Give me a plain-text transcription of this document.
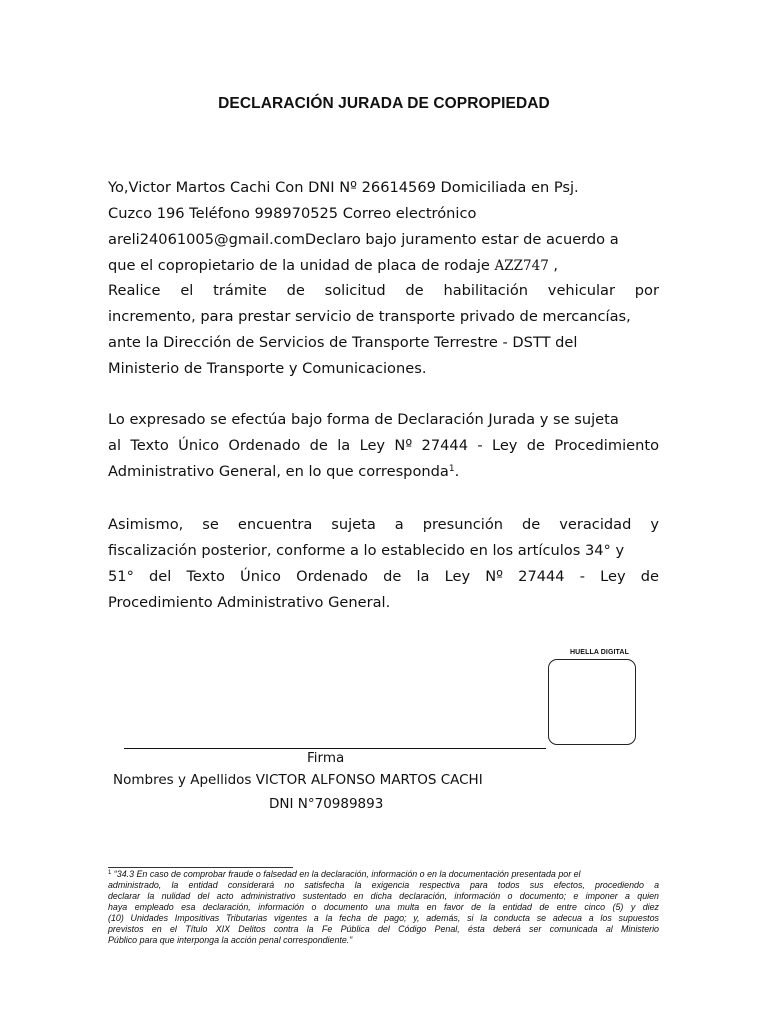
DECLARACIÓN JURADA DE COPROPIEDAD
Yo,Victor Martos Cachi Con DNI Nº 26614569 Domiciliada en Psj.
Cuzco 196 Teléfono 998970525 Correo electrónico
areli24061005@gmail.comDeclaro bajo juramento estar de acuerdo a
que el copropietario de la unidad de placa de rodaje AZZ747 ,
Realice el trámite de solicitud de habilitación vehicular por
incremento, para prestar servicio de transporte privado de mercancías,
ante la Dirección de Servicios de Transporte Terrestre - DSTT del
Ministerio de Transporte y Comunicaciones.
Lo expresado se efectúa bajo forma de Declaración Jurada y se sujeta
al Texto Único Ordenado de la Ley Nº 27444 - Ley de Procedimiento
Administrativo General, en lo que corresponda$^1$.
Asimismo, se encuentra sujeta a presunción de veracidad y
fiscalización posterior, conforme a lo establecido en los artículos 34° y
51° del Texto Único Ordenado de la Ley Nº 27444 - Ley de
Procedimiento Administrativo General.
HUELLA DIGITAL
Firma
Nombres y Apellidos VICTOR ALFONSO MARTOS CACHI
DNI N°70989893
$^1$ “34.3 En caso de comprobar fraude o falsedad en la declaración, información o en la documentación presentada por el
administrado, la entidad considerará no satisfecha la exigencia respectiva para todos sus efectos, procediendo a
declarar la nulidad del acto administrativo sustentado en dicha declaración, información o documento; e imponer a quien
haya empleado esa declaración, información o documento una multa en favor de la entidad de entre cinco (5) y diez
(10) Unidades Impositivas Tributarias vigentes a la fecha de pago; y, además, si la conducta se adecua a los supuestos
previstos en el Título XIX Delitos contra la Fe Pública del Código Penal, ésta deberá ser comunicada al Ministerio
Público para que interponga la acción penal correspondiente.”
